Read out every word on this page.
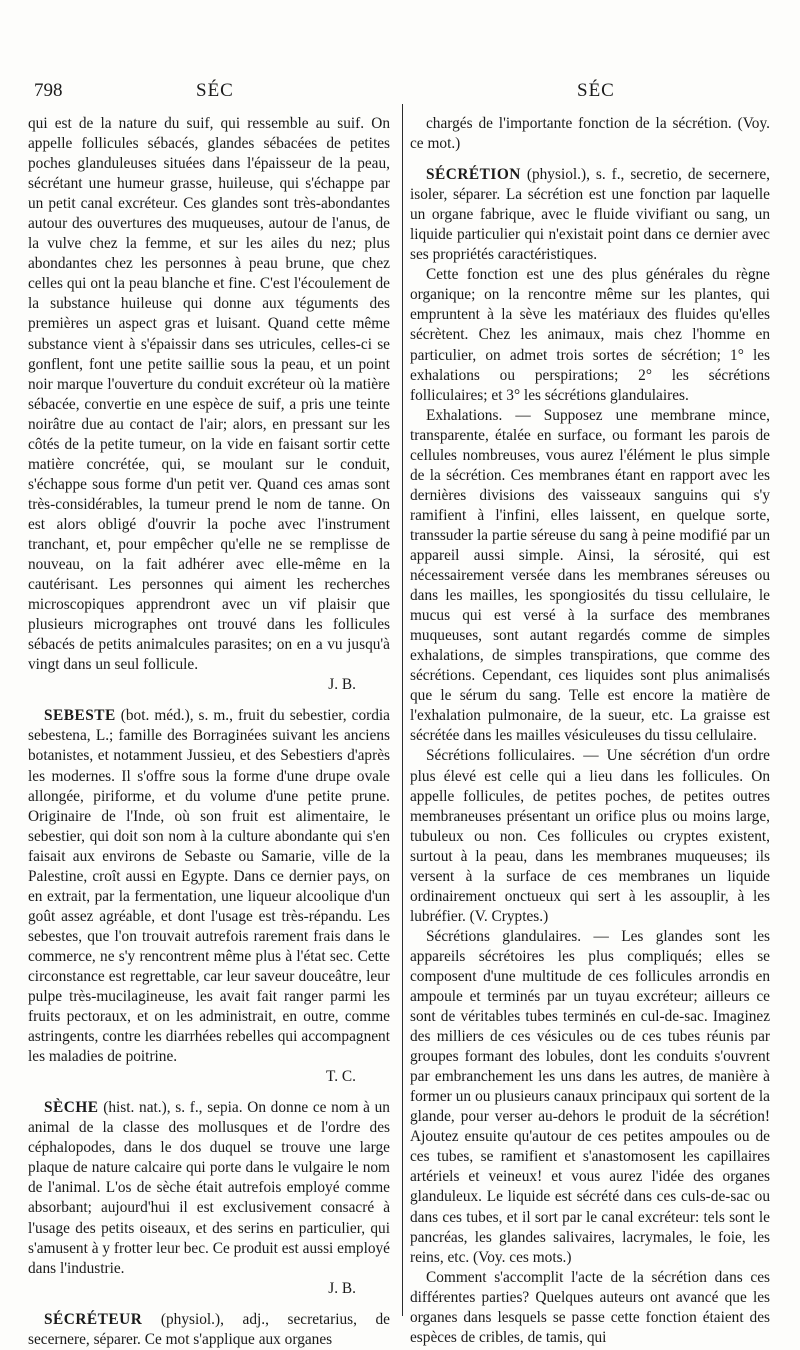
798	SÉC	SÉC

qui est de la nature du suif, qui ressemble au suif. On appelle follicules sébacés, glandes sébacées de petites poches glanduleuses situées dans l'épaisseur de la peau, sécrétant une humeur grasse, huileuse, qui s'échappe par un petit canal excréteur. Ces glandes sont très-abondantes autour des ouvertures des muqueuses, autour de l'anus, de la vulve chez la femme, et sur les ailes du nez; plus abondantes chez les personnes à peau brune, que chez celles qui ont la peau blanche et fine. C'est l'écoulement de la substance huileuse qui donne aux téguments des premières un aspect gras et luisant. Quand cette même substance vient à s'épaissir dans ses utricules, celles-ci se gonflent, font une petite saillie sous la peau, et un point noir marque l'ouverture du conduit excréteur où la matière sébacée, convertie en une espèce de suif, a pris une teinte noirâtre due au contact de l'air; alors, en pressant sur les côtés de la petite tumeur, on la vide en faisant sortir cette matière concrétée, qui, se moulant sur le conduit, s'échappe sous forme d'un petit ver. Quand ces amas sont très-considérables, la tumeur prend le nom de tanne. On est alors obligé d'ouvrir la poche avec l'instrument tranchant, et, pour empêcher qu'elle ne se remplisse de nouveau, on la fait adhérer avec elle-même en la cautérisant. Les personnes qui aiment les recherches microscopiques apprendront avec un vif plaisir que plusieurs micrographes ont trouvé dans les follicules sébacés de petits animalcules parasites; on en a vu jusqu'à vingt dans un seul follicule.

J. B.

SEBESTE (bot. méd.), s. m., fruit du sebestier, cordia sebestena, L.; famille des Borraginées suivant les anciens botanistes, et notamment Jussieu, et des Sebestiers d'après les modernes. Il s'offre sous la forme d'une drupe ovale allongée, piriforme, et du volume d'une petite prune. Originaire de l'Inde, où son fruit est alimentaire, le sebestier, qui doit son nom à la culture abondante qui s'en faisait aux environs de Sebaste ou Samarie, ville de la Palestine, croît aussi en Egypte. Dans ce dernier pays, on en extrait, par la fermentation, une liqueur alcoolique d'un goût assez agréable, et dont l'usage est très-répandu. Les sebestes, que l'on trouvait autrefois rarement frais dans le commerce, ne s'y rencontrent même plus à l'état sec. Cette circonstance est regrettable, car leur saveur douceâtre, leur pulpe très-mucilagineuse, les avait fait ranger parmi les fruits pectoraux, et on les administrait, en outre, comme astringents, contre les diarrhées rebelles qui accompagnent les maladies de poitrine.

T. C.

SÈCHE (hist. nat.), s. f., sepia. On donne ce nom à un animal de la classe des mollusques et de l'ordre des céphalopodes, dans le dos duquel se trouve une large plaque de nature calcaire qui porte dans le vulgaire le nom de l'animal. L'os de sèche était autrefois employé comme absorbant; aujourd'hui il est exclusivement consacré à l'usage des petits oiseaux, et des serins en particulier, qui s'amusent à y frotter leur bec. Ce produit est aussi employé dans l'industrie.

J. B.

SÉCRÉTEUR (physiol.), adj., secretarius, de secernere, séparer. Ce mot s'applique aux organes

chargés de l'importante fonction de la sécrétion. (Voy. ce mot.)

SÉCRÉTION (physiol.), s. f., secretio, de secernere, isoler, séparer. La sécrétion est une fonction par laquelle un organe fabrique, avec le fluide vivifiant ou sang, un liquide particulier qui n'existait point dans ce dernier avec ses propriétés caractéristiques.

Cette fonction est une des plus générales du règne organique; on la rencontre même sur les plantes, qui empruntent à la sève les matériaux des fluides qu'elles sécrètent. Chez les animaux, mais chez l'homme en particulier, on admet trois sortes de sécrétion; 1° les exhalations ou perspirations; 2° les sécrétions folliculaires; et 3° les sécrétions glandulaires.

Exhalations. — Supposez une membrane mince, transparente, étalée en surface, ou formant les parois de cellules nombreuses, vous aurez l'élément le plus simple de la sécrétion. Ces membranes étant en rapport avec les dernières divisions des vaisseaux sanguins qui s'y ramifient à l'infini, elles laissent, en quelque sorte, transsuder la partie séreuse du sang à peine modifié par un appareil aussi simple. Ainsi, la sérosité, qui est nécessairement versée dans les membranes séreuses ou dans les mailles, les spongiosités du tissu cellulaire, le mucus qui est versé à la surface des membranes muqueuses, sont autant regardés comme de simples exhalations, de simples transpirations, que comme des sécrétions. Cependant, ces liquides sont plus animalisés que le sérum du sang. Telle est encore la matière de l'exhalation pulmonaire, de la sueur, etc. La graisse est sécrétée dans les mailles vésiculeuses du tissu cellulaire.

Sécrétions folliculaires. — Une sécrétion d'un ordre plus élevé est celle qui a lieu dans les follicules. On appelle follicules, de petites poches, de petites outres membraneuses présentant un orifice plus ou moins large, tubuleux ou non. Ces follicules ou cryptes existent, surtout à la peau, dans les membranes muqueuses; ils versent à la surface de ces membranes un liquide ordinairement onctueux qui sert à les assouplir, à les lubréfier. (V. Cryptes.)

Sécrétions glandulaires. — Les glandes sont les appareils sécrétoires les plus compliqués; elles se composent d'une multitude de ces follicules arrondis en ampoule et terminés par un tuyau excréteur; ailleurs ce sont de véritables tubes terminés en cul-de-sac. Imaginez des milliers de ces vésicules ou de ces tubes réunis par groupes formant des lobules, dont les conduits s'ouvrent par embranchement les uns dans les autres, de manière à former un ou plusieurs canaux principaux qui sortent de la glande, pour verser au-dehors le produit de la sécrétion! Ajoutez ensuite qu'autour de ces petites ampoules ou de ces tubes, se ramifient et s'anastomosent les capillaires artériels et veineux! et vous aurez l'idée des organes glanduleux. Le liquide est sécrété dans ces culs-de-sac ou dans ces tubes, et il sort par le canal excréteur: tels sont le pancréas, les glandes salivaires, lacrymales, le foie, les reins, etc. (Voy. ces mots.)

Comment s'accomplit l'acte de la sécrétion dans ces différentes parties? Quelques auteurs ont avancé que les organes dans lesquels se passe cette fonction étaient des espèces de cribles, de tamis, qui
